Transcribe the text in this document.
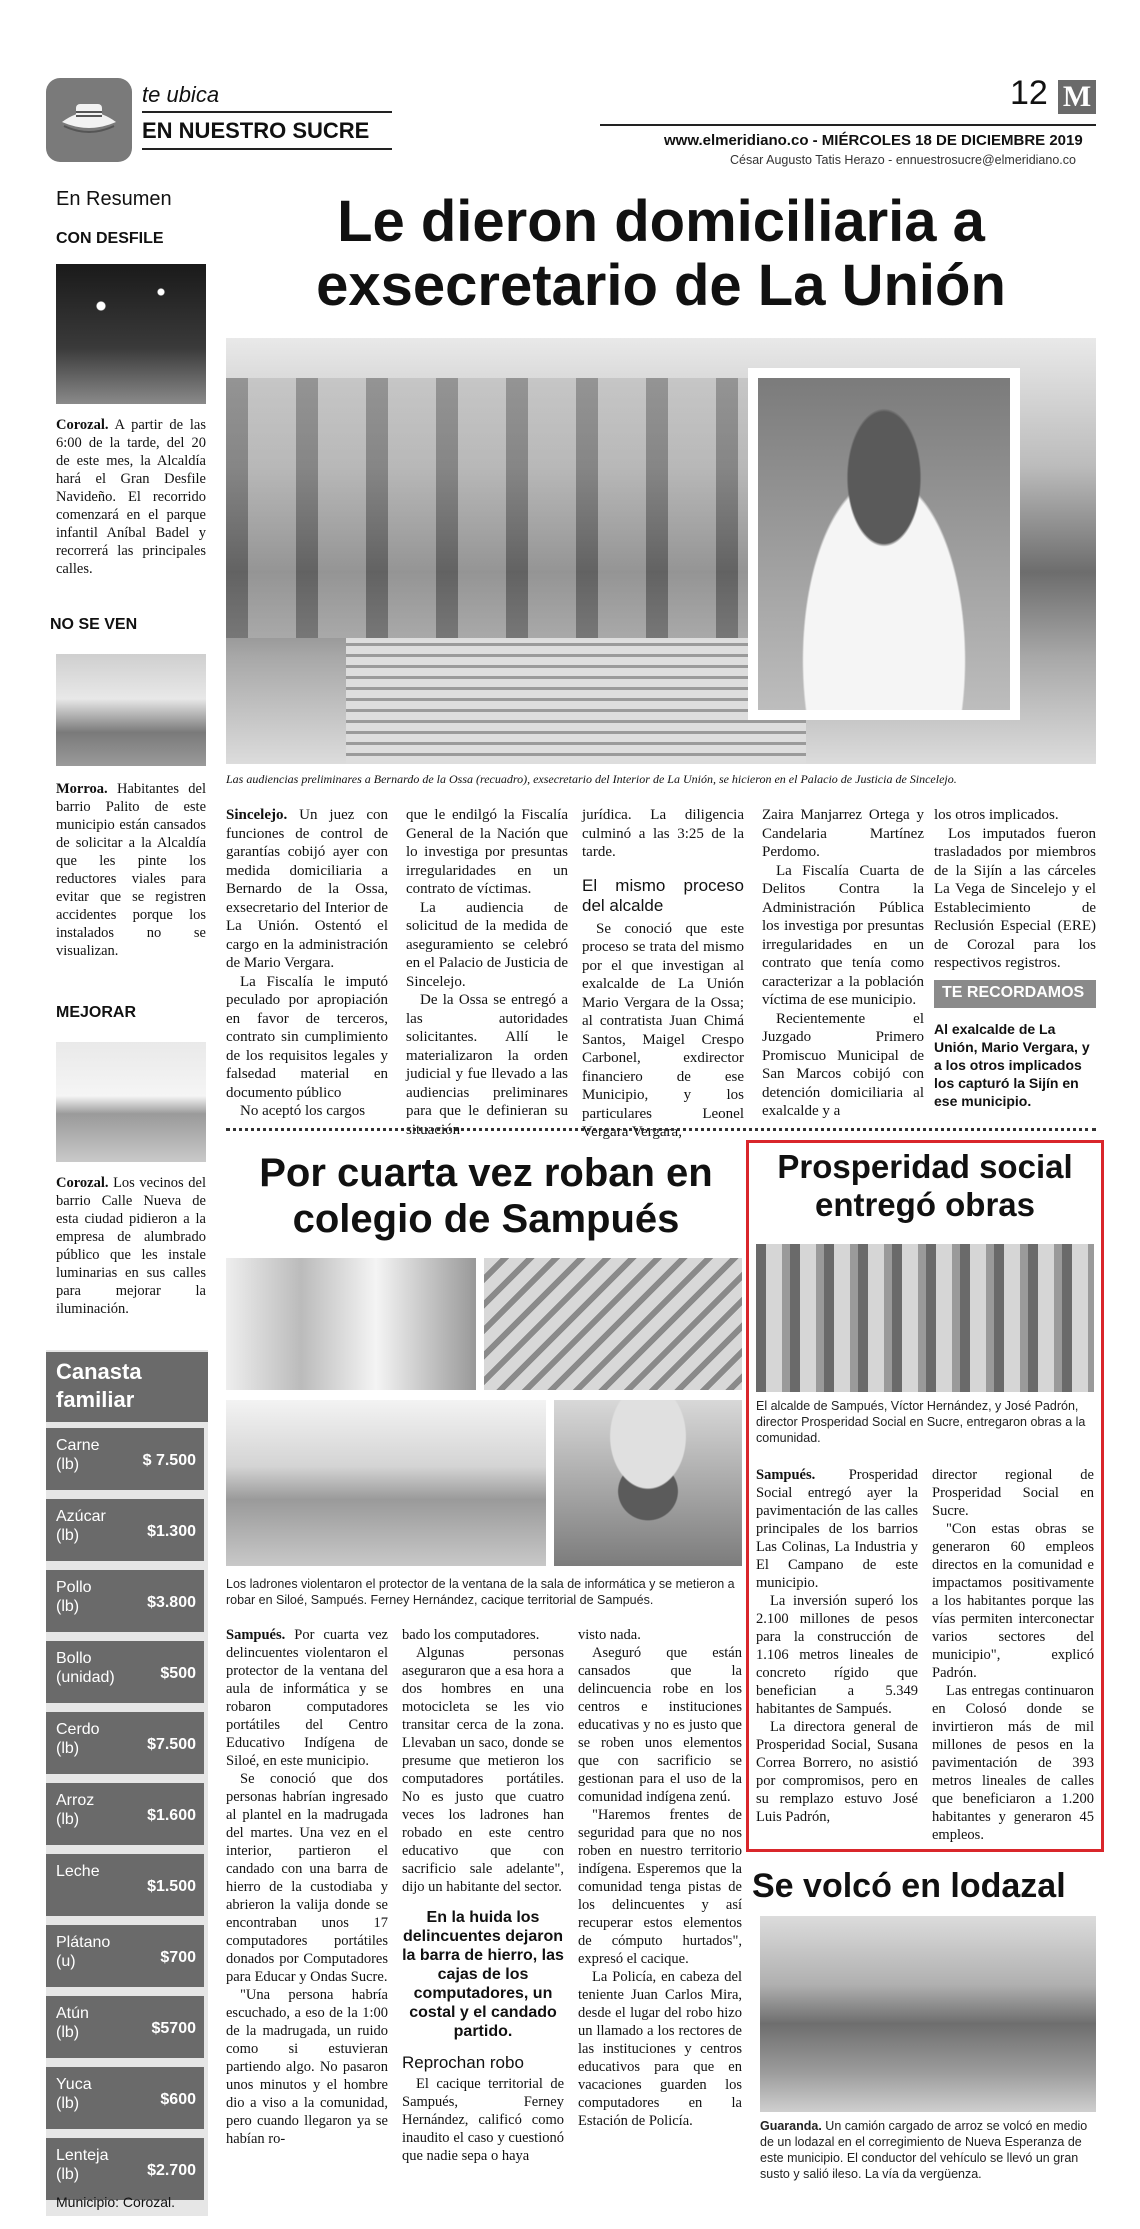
te ubica
EN NUESTRO SUCRE
12 M
www.elmeridiano.co - MIÉRCOLES 18 DE DICIEMBRE 2019
César Augusto Tatis Herazo - ennuestrosucre@elmeridiano.co
En Resumen
CON DESFILE
Corozal. A partir de las 6:00 de la tarde, del 20 de este mes, la Alcaldía hará el Gran Desfile Navideño. El recorrido comenzará en el parque infantil Aníbal Badel y recorrerá las principales calles.
NO SE VEN
Morroa. Habitantes del barrio Palito de este municipio están cansados de solicitar a la Alcaldía que les pinte los reductores viales para evitar que se registren accidentes porque los instalados no se visualizan.
MEJORAR
Corozal. Los vecinos del barrio Calle Nueva de esta ciudad pidieron a la empresa de alumbrado público que les instale luminarias en sus calles para mejorar la iluminación.
Canasta familiar
Carne
(lb)	$ 7.500
Azúcar
(lb)	$1.300
Pollo
(lb)	$3.800
Bollo
(unidad)	$500
Cerdo
(lb)	$7.500
Arroz
(lb)	$1.600
Leche
$1.500
Plátano
(u)	$700
Atún
(lb)	$5700
Yuca
(lb)	$600
Lenteja
(lb)	$2.700
Municipio: Corozal.
Le dieron domiciliaria a exsecretario de La Unión
Las audiencias preliminares a Bernardo de la Ossa (recuadro), exsecretario del Interior de La Unión, se hicieron en el Palacio de Justicia de Sincelejo.

Sincelejo. Un juez con funciones de control de garantías cobijó ayer con medida domiciliaria a Bernardo de la Ossa, exsecretario del Interior de La Unión. Ostentó el cargo en la administración de Mario Vergara.

La Fiscalía le imputó peculado por apropiación en favor de terceros, contrato sin cumplimiento de los requisitos legales y falsedad material en documento público

No aceptó los cargos

que le endilgó la Fiscalía General de la Nación que lo investiga por presuntas irregularidades en un contrato de víctimas.

La audiencia de solicitud de la medida de aseguramiento se celebró en el Palacio de Justicia de Sincelejo.

De la Ossa se entregó a las autoridades solicitantes. Allí le materializaron la orden judicial y fue llevado a las audiencias preliminares para que le definieran su situación

jurídica. La diligencia culminó a las 3:25 de la tarde.

El mismo proceso del alcalde

Se conoció que este proceso se trata del mismo por el que investigan al exalcalde de La Unión Mario Vergara de la Ossa; al contratista Juan Chimá Santos, Maigel Crespo Carbonel, exdirector financiero de ese Municipio, y los particulares Leonel Vergara Vergara,

Zaira Manjarrez Ortega y Candelaria Martínez Perdomo.

La Fiscalía Cuarta de Delitos Contra la Administración Pública los investiga por presuntas irregularidades en un contrato que tenía como caracterizar a la población víctima de ese municipio.

Recientemente el Juzgado Primero Promiscuo Municipal de San Marcos cobijó con detención domiciliaria al exalcalde y a

los otros implicados.

Los imputados fueron trasladados por miembros de la Sijín a las cárceles La Vega de Sincelejo y el Establecimiento de Reclusión Especial (ERE) de Corozal para los respectivos registros.

TE RECORDAMOS
Al exalcalde de La Unión, Mario Vergara, y a los otros implicados los capturó la Sijín en ese municipio.
Por cuarta vez roban en colegio de Sampués
Los ladrones violentaron el protector de la ventana de la sala de informática y se metieron a robar en Siloé, Sampués. Ferney Hernández, cacique territorial de Sampués.

Sampués. Por cuarta vez delincuentes violentaron el protector de la ventana del aula de informática y se robaron computadores portátiles del Centro Educativo Indígena de Siloé, en este municipio.

Se conoció que dos personas habrían ingresado al plantel en la madrugada del martes. Una vez en el interior, partieron el candado con una barra de hierro de la custodiaba y abrieron la valija donde se encontraban unos 17 computadores portátiles donados por Computadores para Educar y Ondas Sucre.

"Una persona habría escuchado, a eso de la 1:00 de la madrugada, un ruido como si estuvieran partiendo algo. No pasaron unos minutos y el hombre dio a viso a la comunidad, pero cuando llegaron ya se habían ro-

bado los computadores.

Algunas personas aseguraron que a esa hora a dos hombres en una motocicleta se les vio transitar cerca de la zona. Llevaban un saco, donde se presume que metieron los computadores portátiles. No es justo que cuatro veces los ladrones han robado en este centro educativo que con sacrificio sale adelante", dijo un habitante del sector.

En la huida los delincuentes dejaron la barra de hierro, las cajas de los computadores, un costal y el candado partido.
Reprochan robo

El cacique territorial de Sampués, Ferney Hernández, calificó como inaudito el caso y cuestionó que nadie sepa o haya

visto nada.

Aseguró que están cansados que la delincuencia robe en los centros e instituciones educativas y no es justo que se roben unos elementos que con sacrificio se gestionan para el uso de la comunidad indígena zenú.

"Haremos frentes de seguridad para que no nos roben en nuestro territorio indígena. Esperemos que la comunidad tenga pistas de los delincuentes y así recuperar estos elementos de cómputo hurtados", expresó el cacique.

La Policía, en cabeza del teniente Juan Carlos Mira, desde el lugar del robo hizo un llamado a los rectores de las instituciones y centros educativos para que en vacaciones guarden los computadores en la Estación de Policía.

Prosperidad social entregó obras
El alcalde de Sampués, Víctor Hernández, y José Padrón, director Prosperidad Social en Sucre, entregaron obras a la comunidad.

Sampués. Prosperidad Social entregó ayer la pavimentación de las calles principales de los barrios Las Colinas, La Industria y El Campano de este municipio.

La inversión superó los 2.100 millones de pesos para la construcción de 1.106 metros lineales de concreto rígido que benefician a 5.349 habitantes de Sampués.

La directora general de Prosperidad Social, Susana Correa Borrero, no asistió por compromisos, pero en su remplazo estuvo José Luis Padrón,

director regional de Prosperidad Social en Sucre.

"Con estas obras se generaron 60 empleos directos en la comunidad e impactamos positivamente a los habitantes porque las vías permiten interconectar varios sectores del municipio", explicó Padrón.

Las entregas continuaron en Colosó donde se invirtieron más de mil millones de pesos en la pavimentación de 393 metros lineales de calles que beneficiaron a 1.200 habitantes y generaron 45 empleos.

Se volcó en lodazal
Guaranda. Un camión cargado de arroz se volcó en medio de un lodazal en el corregimiento de Nueva Esperanza de este municipio. El conductor del vehículo se llevó un gran susto y salió ileso. La vía da vergüenza.
